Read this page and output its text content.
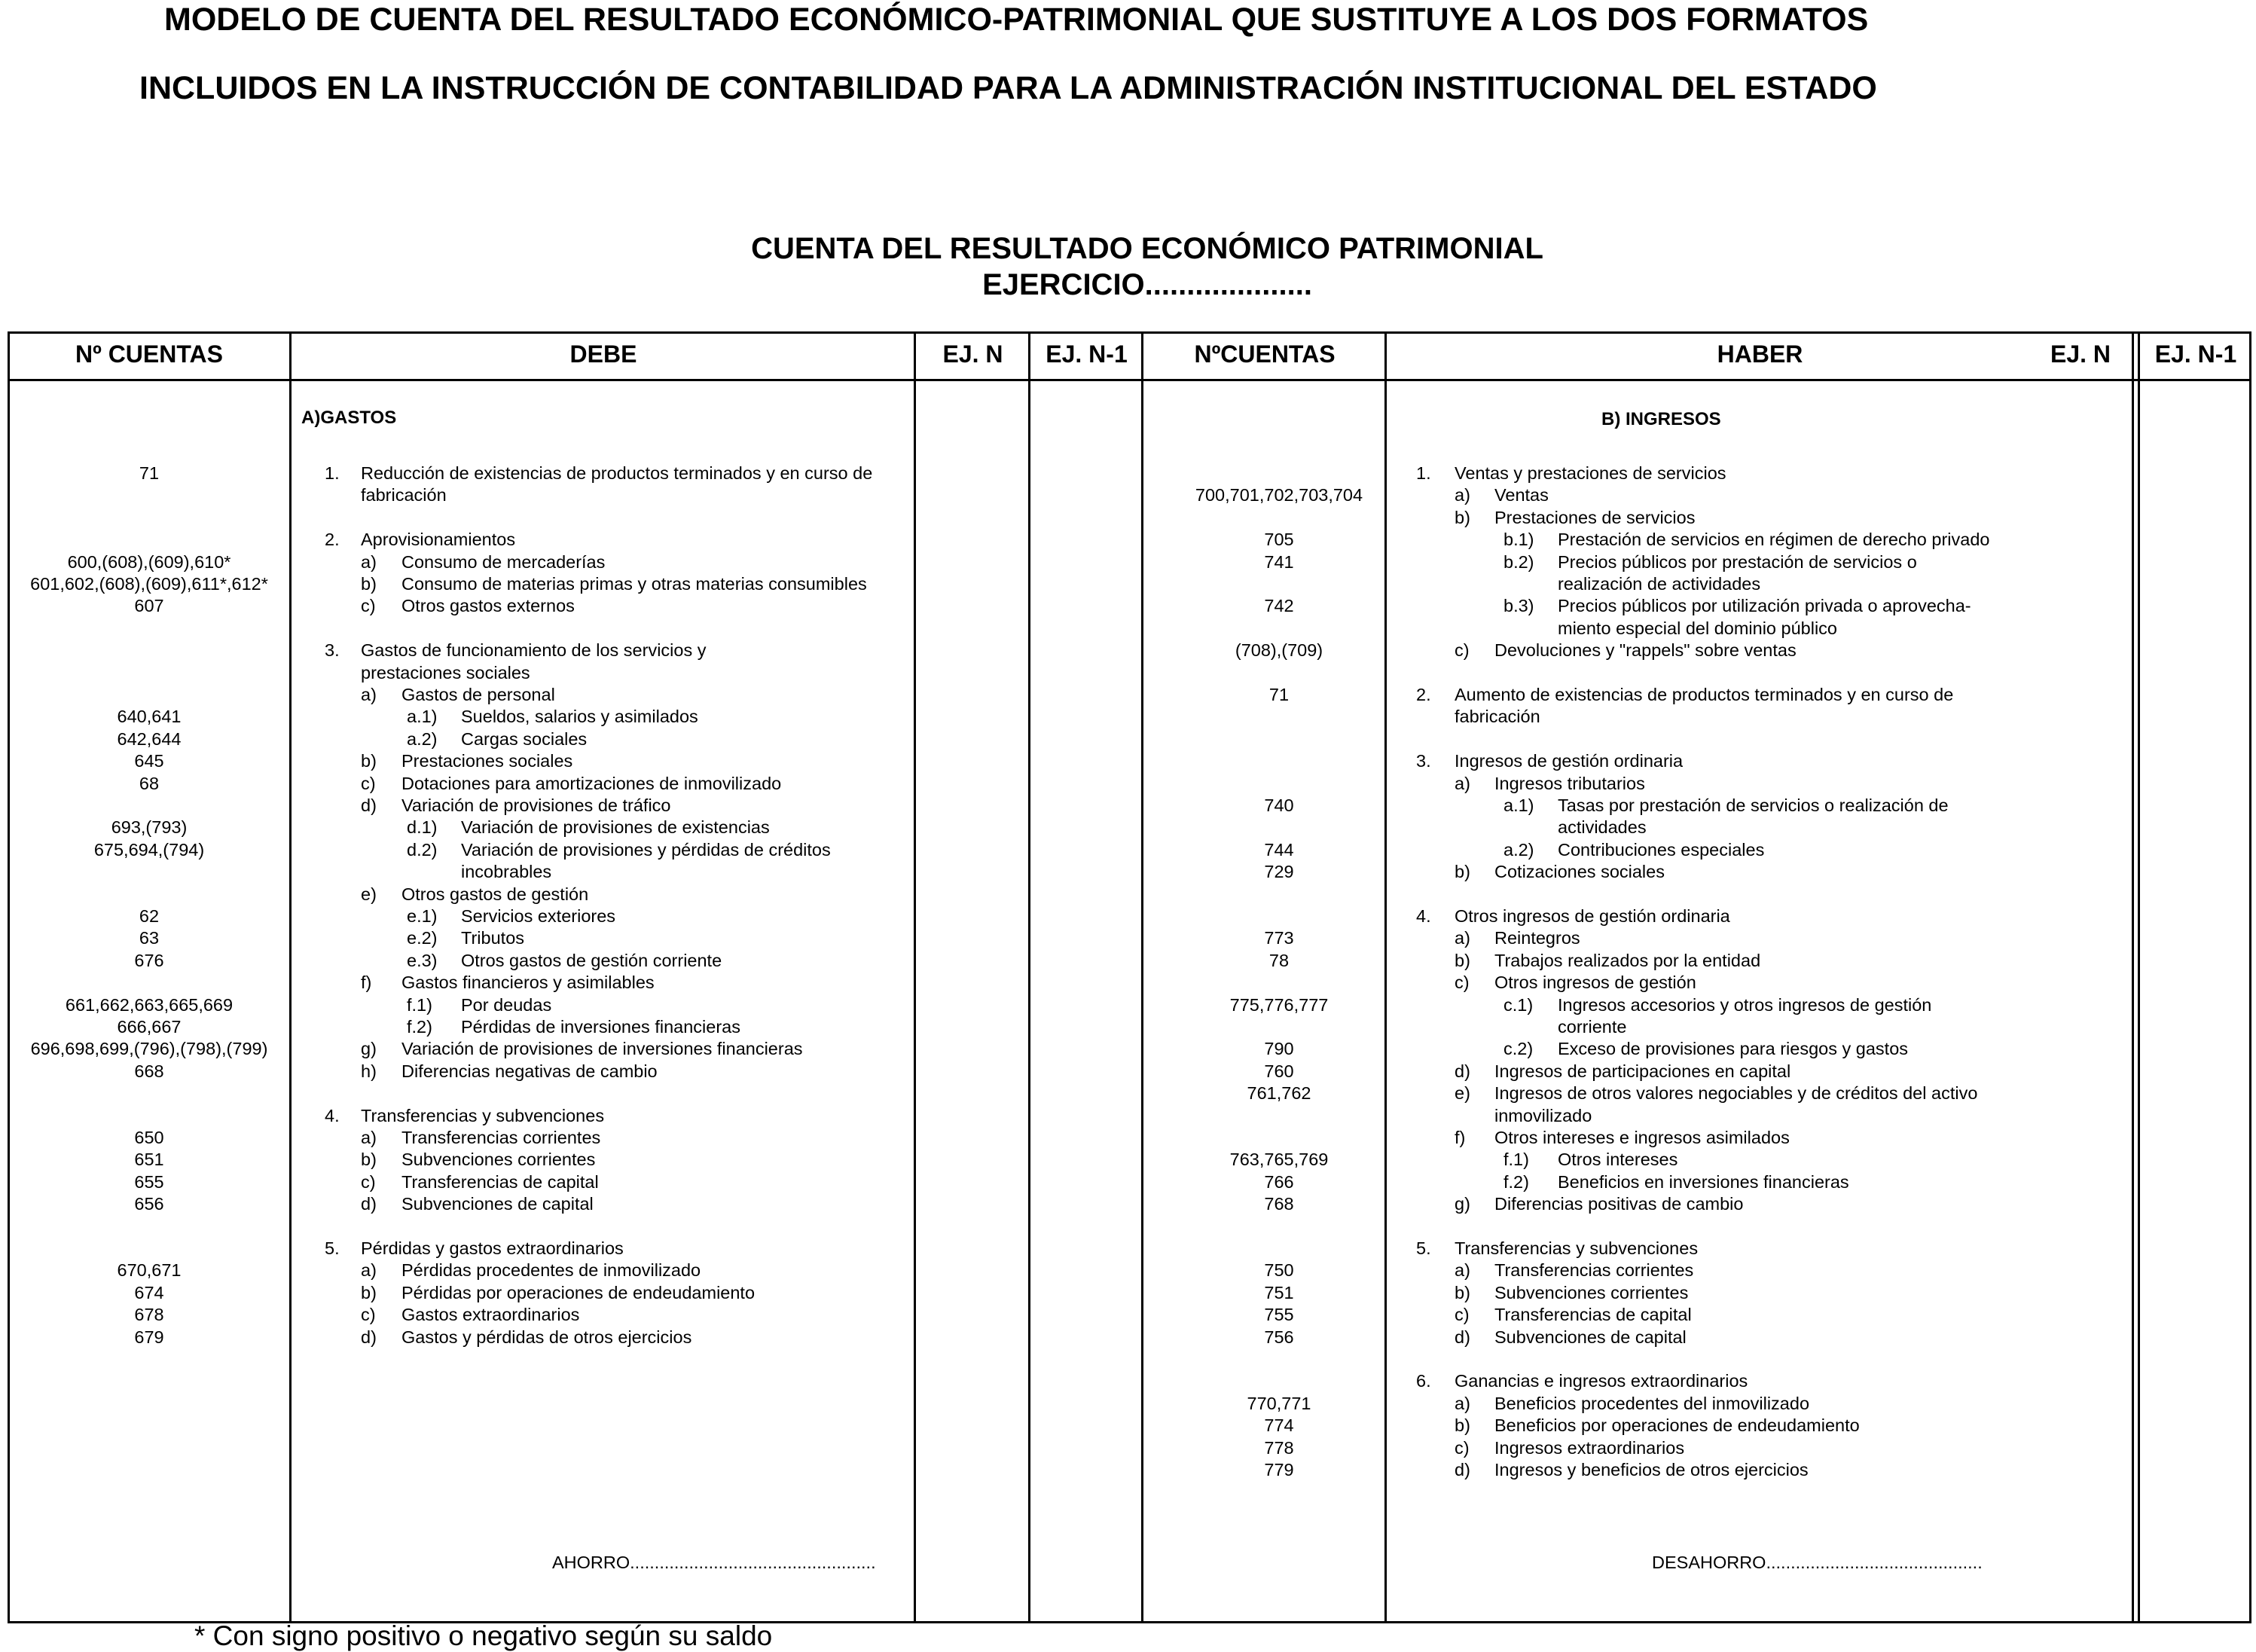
MODELO DE CUENTA DEL RESULTADO ECONÓMICO-PATRIMONIAL QUE SUSTITUYE A LOS DOS FORMATOS
INCLUIDOS EN LA INSTRUCCIÓN DE CONTABILIDAD PARA LA ADMINISTRACIÓN INSTITUCIONAL DEL ESTADO
CUENTA DEL RESULTADO ECONÓMICO PATRIMONIAL
EJERCICIO....................
Nº CUENTAS	DEBE	EJ. N	EJ. N-1	NºCUENTAS	HABER	EJ. N	EJ. N-1
A)GASTOS	B) INGRESOS
71	1. Reducción de existencias de productos terminados y en curso de
fabricación
2. Aprovisionamientos
600,(608),(609),610*	a) Consumo de mercaderías
601,602,(608),(609),611*,612*	b) Consumo de materias primas y otras materias consumibles
607	c) Otros gastos externos
3. Gastos de funcionamiento de los servicios y
prestaciones sociales
a) Gastos de personal
640,641	a.1) Sueldos, salarios y asimilados
642,644	a.2) Cargas sociales
645	b) Prestaciones sociales
68	c) Dotaciones para amortizaciones de inmovilizado
d) Variación de provisiones de tráfico
693,(793)	d.1) Variación de provisiones de existencias
675,694,(794)	d.2) Variación de provisiones y pérdidas de créditos
incobrables
e) Otros gastos de gestión
62	e.1) Servicios exteriores
63	e.2) Tributos
676	e.3) Otros gastos de gestión corriente
f) Gastos financieros y asimilables
661,662,663,665,669	f.1) Por deudas
666,667	f.2) Pérdidas de inversiones financieras
696,698,699,(796),(798),(799)	g) Variación de provisiones de inversiones financieras
668	h) Diferencias negativas de cambio
4. Transferencias y subvenciones
650	a) Transferencias corrientes
651	b) Subvenciones corrientes
655	c) Transferencias de capital
656	d) Subvenciones de capital
5. Pérdidas y gastos extraordinarios
670,671	a) Pérdidas procedentes de inmovilizado
674	b) Pérdidas por operaciones de endeudamiento
678	c) Gastos extraordinarios
679	d) Gastos y pérdidas de otros ejercicios
1. Ventas y prestaciones de servicios
700,701,702,703,704	a) Ventas
b) Prestaciones de servicios
705	b.1) Prestación de servicios en régimen de derecho privado
741	b.2) Precios públicos por prestación de servicios o
realización de actividades
742	b.3) Precios públicos por utilización privada o aprovecha-
miento especial del dominio público
(708),(709)	c) Devoluciones y "rappels" sobre ventas
71	2. Aumento de existencias de productos terminados y en curso de
fabricación
3. Ingresos de gestión ordinaria
a) Ingresos tributarios
740	a.1) Tasas por prestación de servicios o realización de
actividades
744	a.2) Contribuciones especiales
729	b) Cotizaciones sociales
4. Otros ingresos de gestión ordinaria
773	a) Reintegros
78	b) Trabajos realizados por la entidad
c) Otros ingresos de gestión
775,776,777	c.1) Ingresos accesorios y otros ingresos de gestión
corriente
790	c.2) Exceso de provisiones para riesgos y gastos
760	d) Ingresos de participaciones en capital
761,762	e) Ingresos de otros valores negociables y de créditos del activo
inmovilizado
f) Otros intereses e ingresos asimilados
763,765,769	f.1) Otros intereses
766	f.2) Beneficios en inversiones financieras
768	g) Diferencias positivas de cambio
5. Transferencias y subvenciones
750	a) Transferencias corrientes
751	b) Subvenciones corrientes
755	c) Transferencias de capital
756	d) Subvenciones de capital
6. Ganancias e ingresos extraordinarios
770,771	a) Beneficios procedentes del inmovilizado
774	b) Beneficios por operaciones de endeudamiento
778	c) Ingresos extraordinarios
779	d) Ingresos y beneficios de otros ejercicios
AHORRO..................................................	DESAHORRO............................................
* Con signo positivo o negativo según su saldo
